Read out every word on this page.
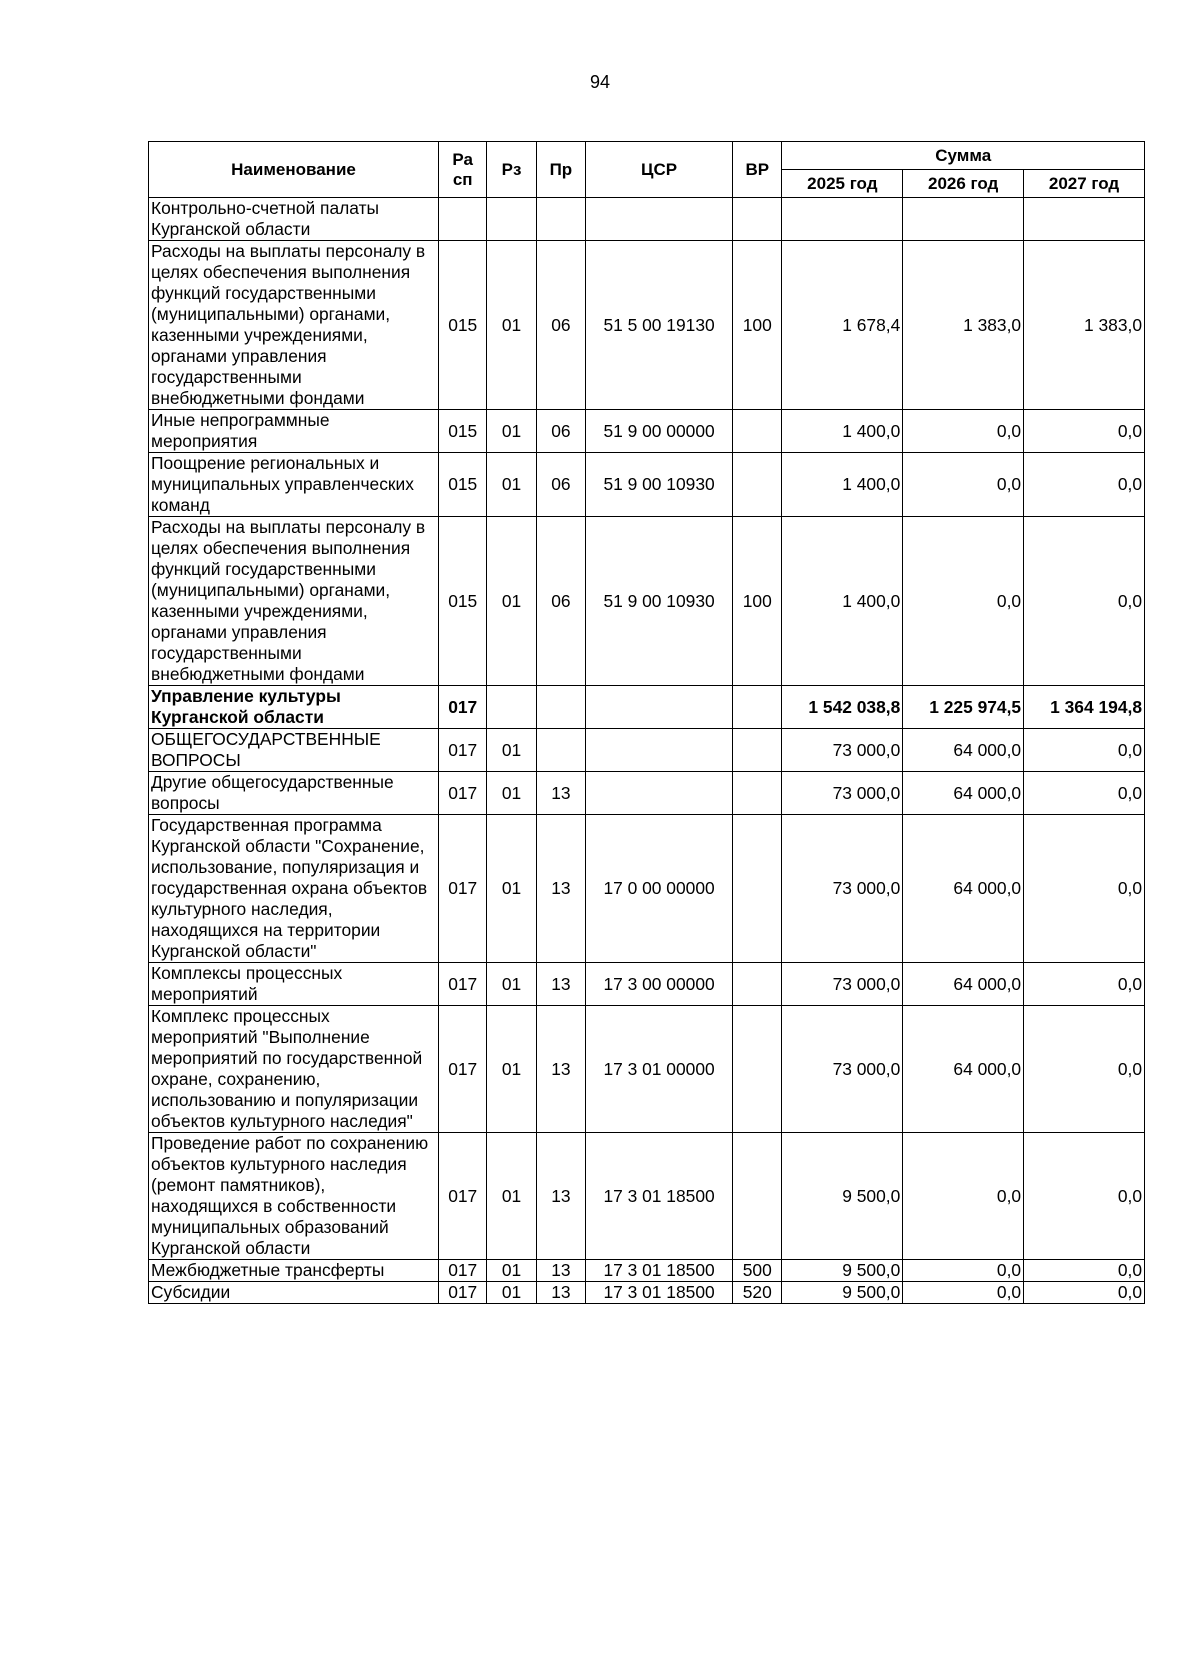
94
Наименование	Ра сп	Рз	Пр	ЦСР	ВР	Сумма		
						2025 год	2026 год	2027 год
Контрольно-счетной палаты Курганской области								
Расходы на выплаты персоналу в целях обеспечения выполнения функций государственными (муниципальными) органами, казенными учреждениями, органами управления государственными внебюджетными фондами	015	01	06	51 5 00 19130	100	1 678,4	1 383,0	1 383,0
Иные непрограммные мероприятия	015	01	06	51 9 00 00000		1 400,0	0,0	0,0
Поощрение региональных и муниципальных управленческих команд	015	01	06	51 9 00 10930		1 400,0	0,0	0,0
Расходы на выплаты персоналу в целях обеспечения выполнения функций государственными (муниципальными) органами, казенными учреждениями, органами управления государственными внебюджетными фондами	015	01	06	51 9 00 10930	100	1 400,0	0,0	0,0
Управление культуры Курганской области	017					1 542 038,8	1 225 974,5	1 364 194,8
ОБЩЕГОСУДАРСТВЕННЫЕ ВОПРОСЫ	017	01				73 000,0	64 000,0	0,0
Другие общегосударственные вопросы	017	01	13			73 000,0	64 000,0	0,0
Государственная программа Курганской области "Сохранение, использование, популяризация и государственная охрана объектов культурного наследия, находящихся на территории Курганской области"	017	01	13	17 0 00 00000		73 000,0	64 000,0	0,0
Комплексы процессных мероприятий	017	01	13	17 3 00 00000		73 000,0	64 000,0	0,0
Комплекс процессных мероприятий "Выполнение мероприятий по государственной охране, сохранению, использованию и популяризации объектов культурного наследия"	017	01	13	17 3 01 00000		73 000,0	64 000,0	0,0
Проведение работ по сохранению объектов культурного наследия (ремонт памятников), находящихся в собственности муниципальных образований Курганской области	017	01	13	17 3 01 18500		9 500,0	0,0	0,0
Межбюджетные трансферты	017	01	13	17 3 01 18500	500	9 500,0	0,0	0,0
Субсидии	017	01	13	17 3 01 18500	520	9 500,0	0,0	0,0
